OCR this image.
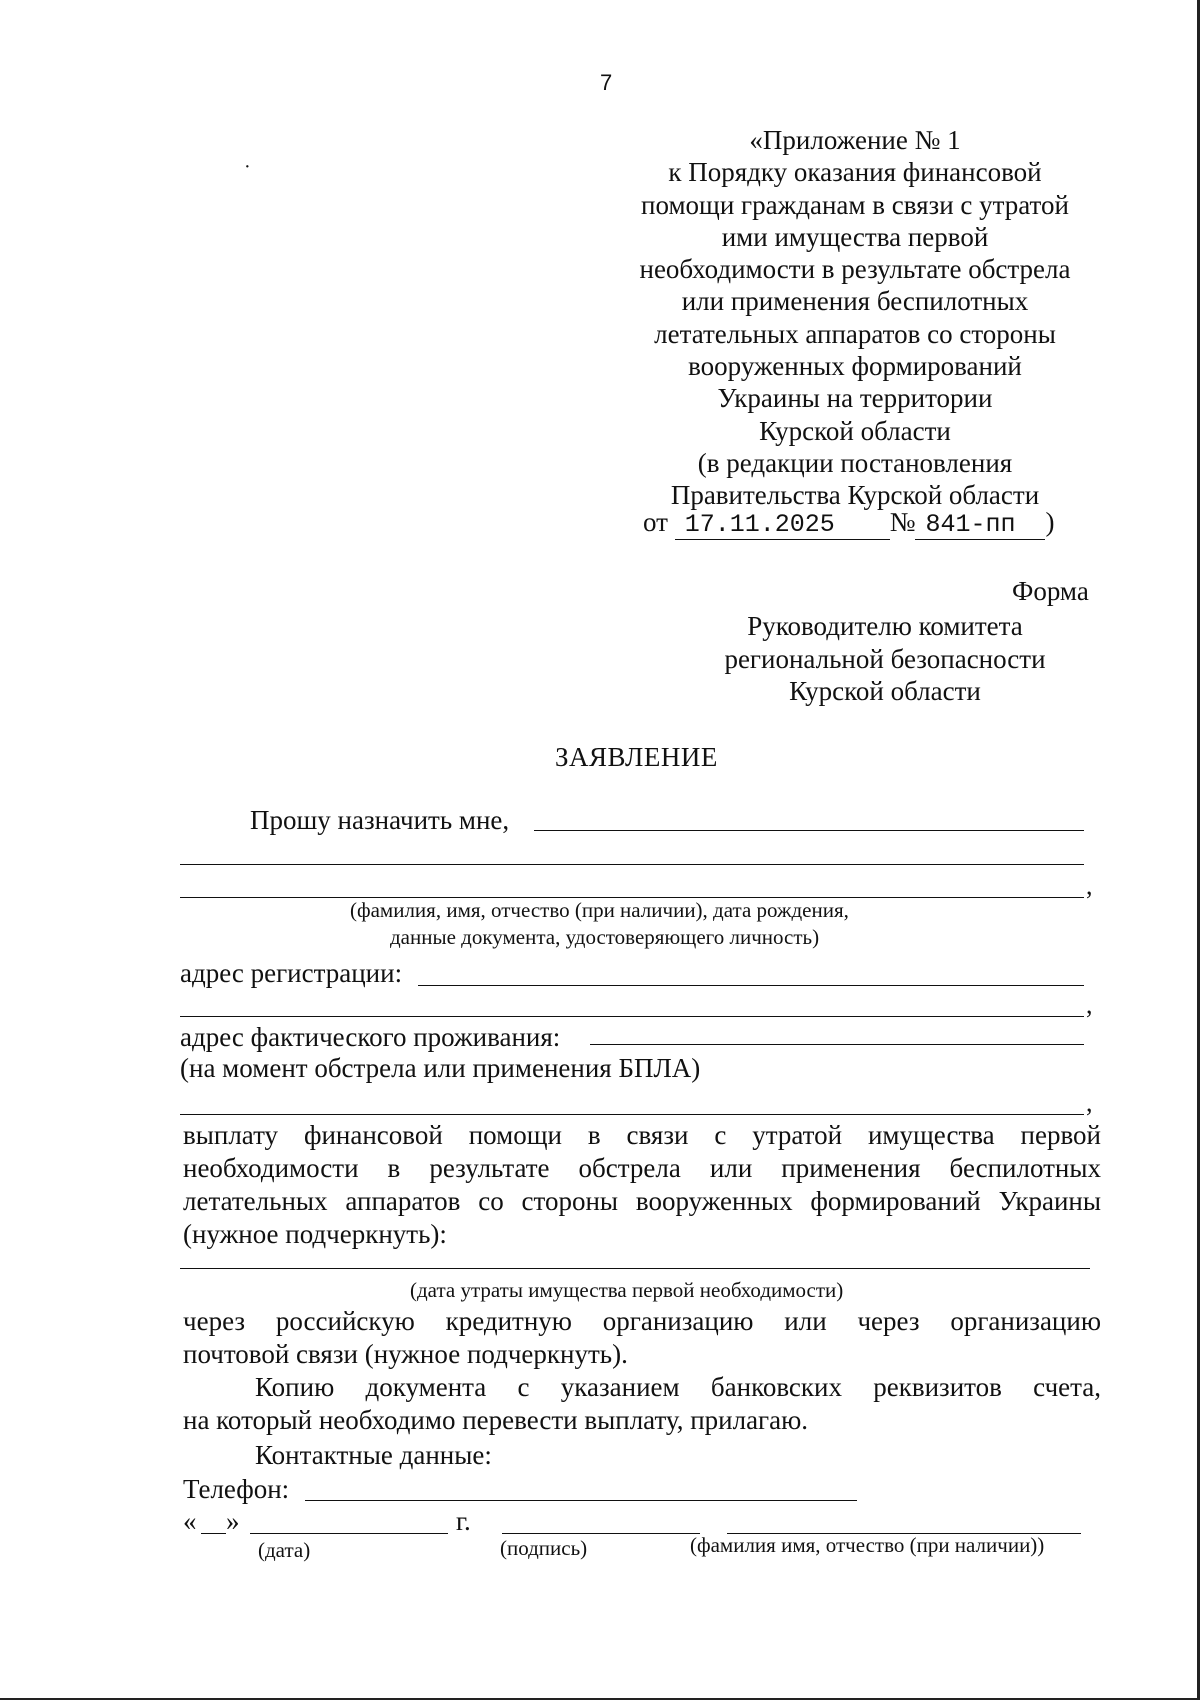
7
·
«Приложение № 1
к Порядку оказания финансовой
помощи гражданам в связи с утратой
ими имущества первой
необходимости в результате обстрела
или применения беспилотных
летательных аппаратов со стороны
вооруженных формирований
Украины на территории
Курской области
(в редакции постановления
Правительства Курской области
от 17.11.2025 № 841-пп )
Форма
Руководителю комитета
региональной безопасности
Курской области
ЗАЯВЛЕНИЕ
Прошу назначить мне,
,
(фамилия, имя, отчество (при наличии), дата рождения,
данные документа, удостоверяющего личность)
адрес регистрации:
,
адрес фактического проживания:
(на момент обстрела или применения БПЛА)
,
выплату финансовой помощи в связи с утратой имущества первой
необходимости в результате обстрела или применения беспилотных
летательных аппаратов со стороны вооруженных формирований Украины
(нужное подчеркнуть):
(дата утраты имущества первой необходимости)
через российскую кредитную организацию или через организацию
почтовой связи (нужное подчеркнуть).
Копию документа с указанием банковских реквизитов счета,
на который необходимо перевести выплату, прилагаю.
Контактные данные:
Телефон:
« »	г.
(дата)	(подпись)	(фамилия имя, отчество (при наличии))
